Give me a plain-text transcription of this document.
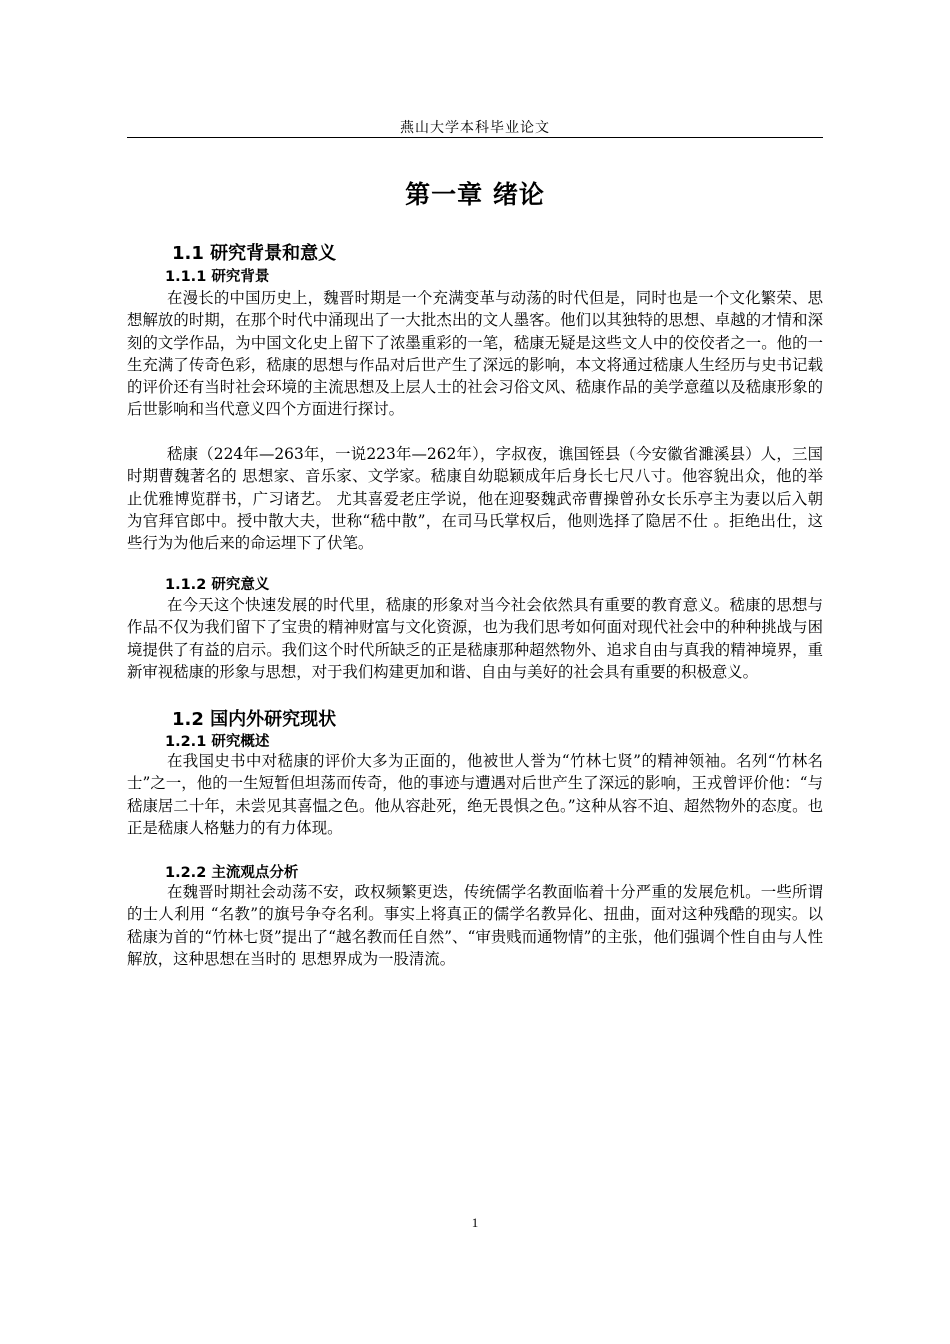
燕山大学本科毕业论文
第一章 绪论
1.1 研究背景和意义
1.1.1 研究背景

在漫长的中国历史上，魏晋时期是一个充满变革与动荡的时代但是，同时也是一个文化繁荣、思想解放的时期，在那个时代中涌现出了一大批杰出的文人墨客。他们以其独特的思想、卓越的才情和深刻的文学作品，为中国文化史上留下了浓墨重彩的一笔，嵇康无疑是这些文人中的佼佼者之一。他的一生充满了传奇色彩，嵇康的思想与作品对后世产生了深远的影响，本文将通过嵇康人生经历与史书记载的评价还有当时社会环境的主流思想及上层人士的社会习俗文风、嵇康作品的美学意蕴以及嵇康形象的后世影响和当代意义四个方面进行探讨。

嵇康（224年—263年，一说223年—262年），字叔夜，谯国铚县（今安徽省濉溪县）人，三国时期曹魏著名的 思想家、音乐家、文学家。嵇康自幼聪颖成年后身长七尺八寸。他容貌出众，他的举止优雅博览群书，广习诸艺。 尤其喜爱老庄学说，他在迎娶魏武帝曹操曾孙女长乐亭主为妻以后入朝为官拜官郎中。授中散大夫，世称“嵇中散”，在司马氏掌权后，他则选择了隐居不仕 。拒绝出仕，这些行为为他后来的命运埋下了伏笔。

1.1.2 研究意义

在今天这个快速发展的时代里，嵇康的形象对当今社会依然具有重要的教育意义。嵇康的思想与作品不仅为我们留下了宝贵的精神财富与文化资源，也为我们思考如何面对现代社会中的种种挑战与困境提供了有益的启示。我们这个时代所缺乏的正是嵇康那种超然物外、追求自由与真我的精神境界，重新审视嵇康的形象与思想，对于我们构建更加和谐、自由与美好的社会具有重要的积极意义。

1.2 国内外研究现状
1.2.1 研究概述

在我国史书中对嵇康的评价大多为正面的，他被世人誉为“竹林七贤”的精神领袖。名列“竹林名士”之一，他的一生短暂但坦荡而传奇，他的事迹与遭遇对后世产生了深远的影响，王戎曾评价他：“与嵇康居二十年，未尝见其喜愠之色。他从容赴死，绝无畏惧之色。”这种从容不迫、超然物外的态度。也正是嵇康人格魅力的有力体现。

1.2.2 主流观点分析

在魏晋时期社会动荡不安，政权频繁更迭，传统儒学名教面临着十分严重的发展危机。一些所谓的士人利用 “名教”的旗号争夺名利。事实上将真正的儒学名教异化、扭曲，面对这种残酷的现实。以嵇康为首的“竹林七贤”提出了“越名教而任自然”、“审贵贱而通物情”的主张，他们强调个性自由与人性解放，这种思想在当时的 思想界成为一股清流。

1
